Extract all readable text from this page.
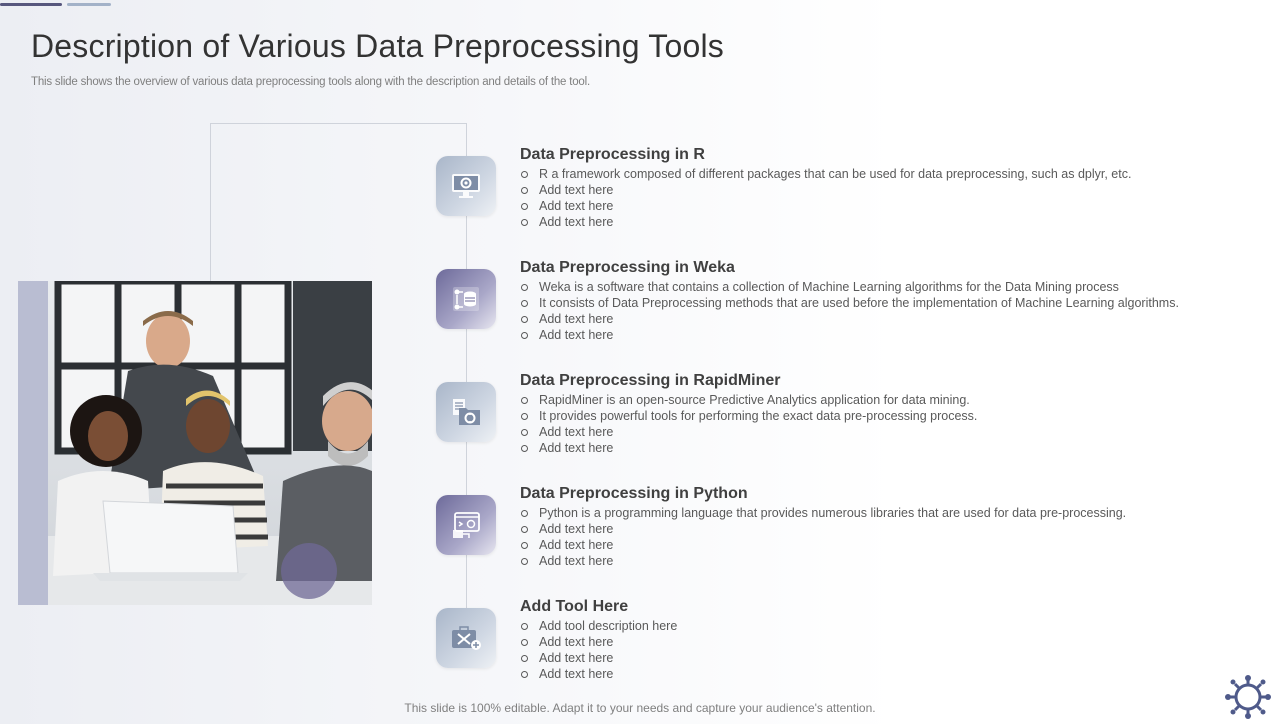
Description of Various Data Preprocessing Tools

This slide shows the overview of various data preprocessing tools along with the description and details of the tool.

Data Preprocessing in R
R a framework composed of different packages that can be used for data preprocessing, such as dplyr, etc.
Add text here
Add text here
Add text here
Data Preprocessing in Weka
Weka is a software that contains a collection of Machine Learning algorithms for the Data Mining process
It consists of Data Preprocessing methods that are used before the implementation of Machine Learning algorithms.
Add text here
Add text here
Data Preprocessing in RapidMiner
RapidMiner is an open-source Predictive Analytics application for data mining.
It provides powerful tools for performing the exact data pre-processing process.
Add text here
Add text here
Data Preprocessing in Python
Python is a programming language that provides numerous libraries that are used for data pre-processing.
Add text here
Add text here
Add text here
Add Tool Here
Add tool description here
Add text here
Add text here
Add text here
This slide is 100% editable. Adapt it to your needs and capture your audience's attention.
